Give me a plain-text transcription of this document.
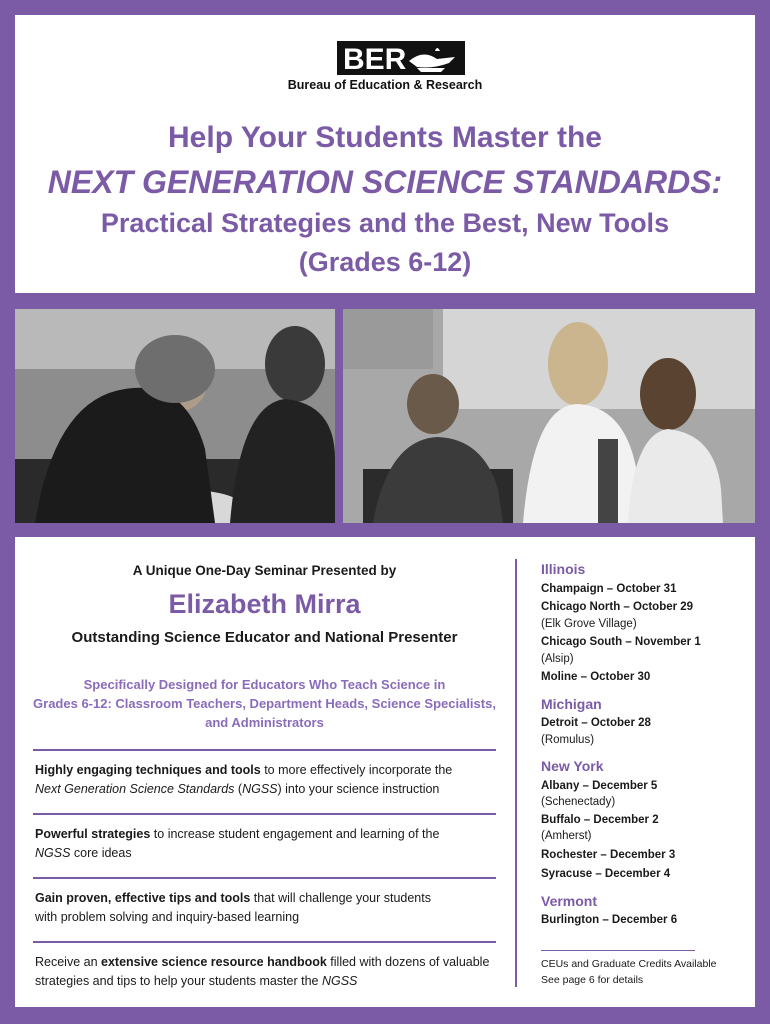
BER
Bureau of Education & Research
Help Your Students Master the
NEXT GENERATION SCIENCE STANDARDS:
Practical Strategies and the Best, New Tools
(Grades 6-12)
A Unique One-Day Seminar Presented by
Elizabeth Mirra
Outstanding Science Educator and National Presenter
Specifically Designed for Educators Who Teach Science in
Grades 6-12: Classroom Teachers, Department Heads, Science Specialists,
and Administrators
Highly engaging techniques and tools to more effectively incorporate the
Next Generation Science Standards (NGSS) into your science instruction
Powerful strategies to increase student engagement and learning of the
NGSS core ideas
Gain proven, effective tips and tools that will challenge your students
with problem solving and inquiry-based learning
Receive an extensive science resource handbook filled with dozens of valuable
strategies and tips to help your students master the NGSS
Illinois
Champaign – October 31
Chicago North – October 29
(Elk Grove Village)
Chicago South – November 1
(Alsip)
Moline – October 30
Michigan
Detroit – October 28
(Romulus)
New York
Albany – December 5
(Schenectady)
Buffalo – December 2
(Amherst)
Rochester – December 3
Syracuse – December 4
Vermont
Burlington – December 6
CEUs and Graduate Credits Available
See page 6 for details
